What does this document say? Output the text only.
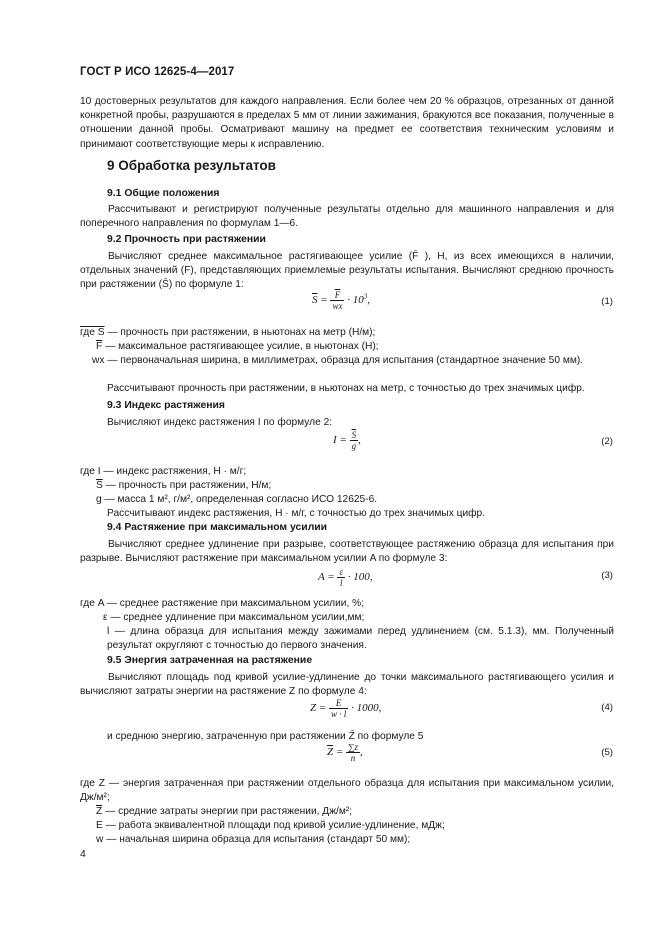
ГОСТ Р ИСО 12625-4—2017
10 достоверных результатов для каждого направления. Если более чем 20 % образцов, отрезанных от данной конкретной пробы, разрушаются в пределах 5 мм от линии зажимания, бракуются все показания, полученные в отношении данной пробы. Осматривают машину на предмет ее соответствия техническим условиям и принимают соответствующие меры к исправлению.
9 Обработка результатов
9.1 Общие положения
Рассчитывают и регистрируют полученные результаты отдельно для машинного направления и для поперечного направления по формулам 1—6.
9.2 Прочность при растяжении
Вычисляют среднее максимальное растягивающее усилие (F̄ ), Н, из всех имеющихся в наличии, отдельных значений (F), представляющих приемлемые результаты испытания. Вычисляют среднюю прочность при растяжении (S̄) по формуле 1:
$\overline{S} = \frac{\overline{F}}{wx} \cdot 10^3$,	(1)
где S — прочность при растяжении, в ньютонах на метр (Н/м);
$\overline{F}$ — максимальное растягивающее усилие, в ньютонах (Н);
wx — первоначальная ширина, в миллиметрах, образца для испытания (стандартное значение 50 мм).
Рассчитывают прочность при растяжении, в ньютонах на метр, с точностью до трех значимых цифр.
9.3 Индекс растяжения
Вычисляют индекс растяжения I по формуле 2:
$I = \frac{\overline{S}}{g}$ ,	(2)
где I — индекс растяжения, Н · м/г;
$\overline{S}$ — прочность при растяжении, Н/м;
g — масса 1 м², г/м², определенная согласно ИСО 12625-6.
Рассчитывают индекс растяжения, Н · м/г, с точностью до трех значимых цифр.
9.4 Растяжение при максимальном усилии
Вычисляют среднее удлинение при разрыве, соответствующее растяжению образца для испытания при разрыве. Вычисляют растяжение при максимальном усилии A по формуле 3:
$A = \frac{\varepsilon}{l} \cdot 100$,	(3)
где A — среднее растяжение при максимальном усилии, %;
ε — среднее удлинение при максимальном усилии,мм;
l — длина образца для испытания между зажимами перед удлинением (см. 5.1.3), мм. Полученный результат округляют с точностью до первого значения.
9.5 Энергия затраченная на растяжение
Вычисляют площадь под кривой усилие-удлинение до точки максимального растягивающего усилия и вычисляют затраты энергии на растяжение Z по формуле 4:
$Z = \frac{E}{w \cdot l} \cdot 1000$,	(4)
и среднюю энергию, затраченную при растяжении Z̄ по формуле 5
$\overline{Z} = \frac{\sum z}{n}$ ,	(5)
где Z — энергия затраченная при растяжении отдельного образца для испытания при максимальном усилии, Дж/м²;
$\overline{Z}$ — средние затраты энергии при растяжении, Дж/м²;
E — работа эквивалентной площади под кривой усилие-удлинение, мДж;
w — начальная ширина образца для испытания (стандарт 50 мм);
4
